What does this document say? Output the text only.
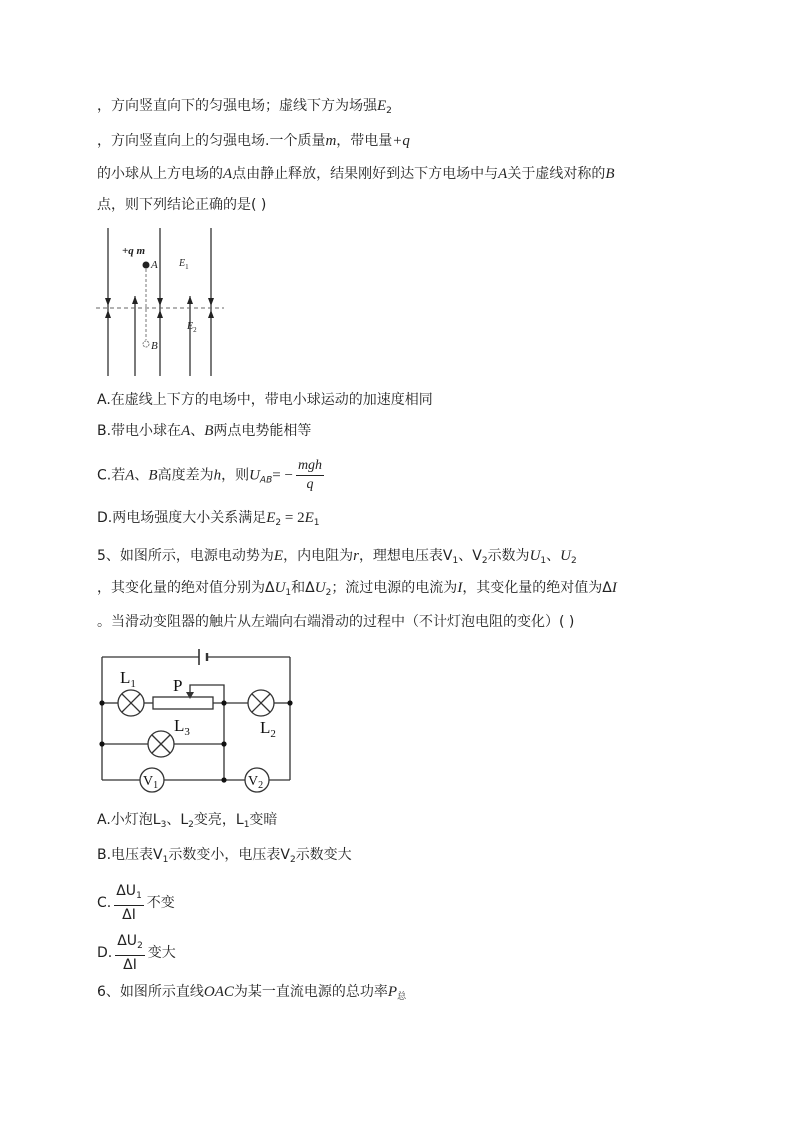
，方向竖直向下的匀强电场；虚线下方为场强$E_2$
，方向竖直向上的匀强电场.一个质量m，带电量+q
的小球从上方电场的A点由静止释放，结果刚好到达下方电场中与A关于虚线对称的B
点，则下列结论正确的是( )
+q m
A
B
$E_1$
$E_2$
A.在虚线上下方的电场中，带电小球运动的加速度相同
B.带电小球在A、B两点电势能相等
C.若A、B高度差为h，则$U_{AB}= - \frac{\text{mgh}}{q}$
D.两电场强度大小关系满足$E_2 = 2E_1$
5、如图所示，电源电动势为E，内电阻为r，理想电压表$V_1$、$V_2$示数为$U_1$、$U_2$
，其变化量的绝对值分别为$\Delta U_1$和$\Delta U_2$；流过电源的电流为I，其变化量的绝对值为ΔI
。当滑动变阻器的触片从左端向右端滑动的过程中（不计灯泡电阻的变化）( )
$L_1$ P
$L_3$	$L_2$
$V_1$	$V_2$
A.小灯泡$L_3$、$L_2$变亮，$L_1$变暗
B.电压表$V_1$示数变小，电压表$V_2$示数变大
C. $\frac{\Delta U_1}{\Delta I}$ 不变
D. $\frac{\Delta U_2}{\Delta I}$ 变大
6、如图所示直线OAC为某一直流电源的总功率$P_总$
